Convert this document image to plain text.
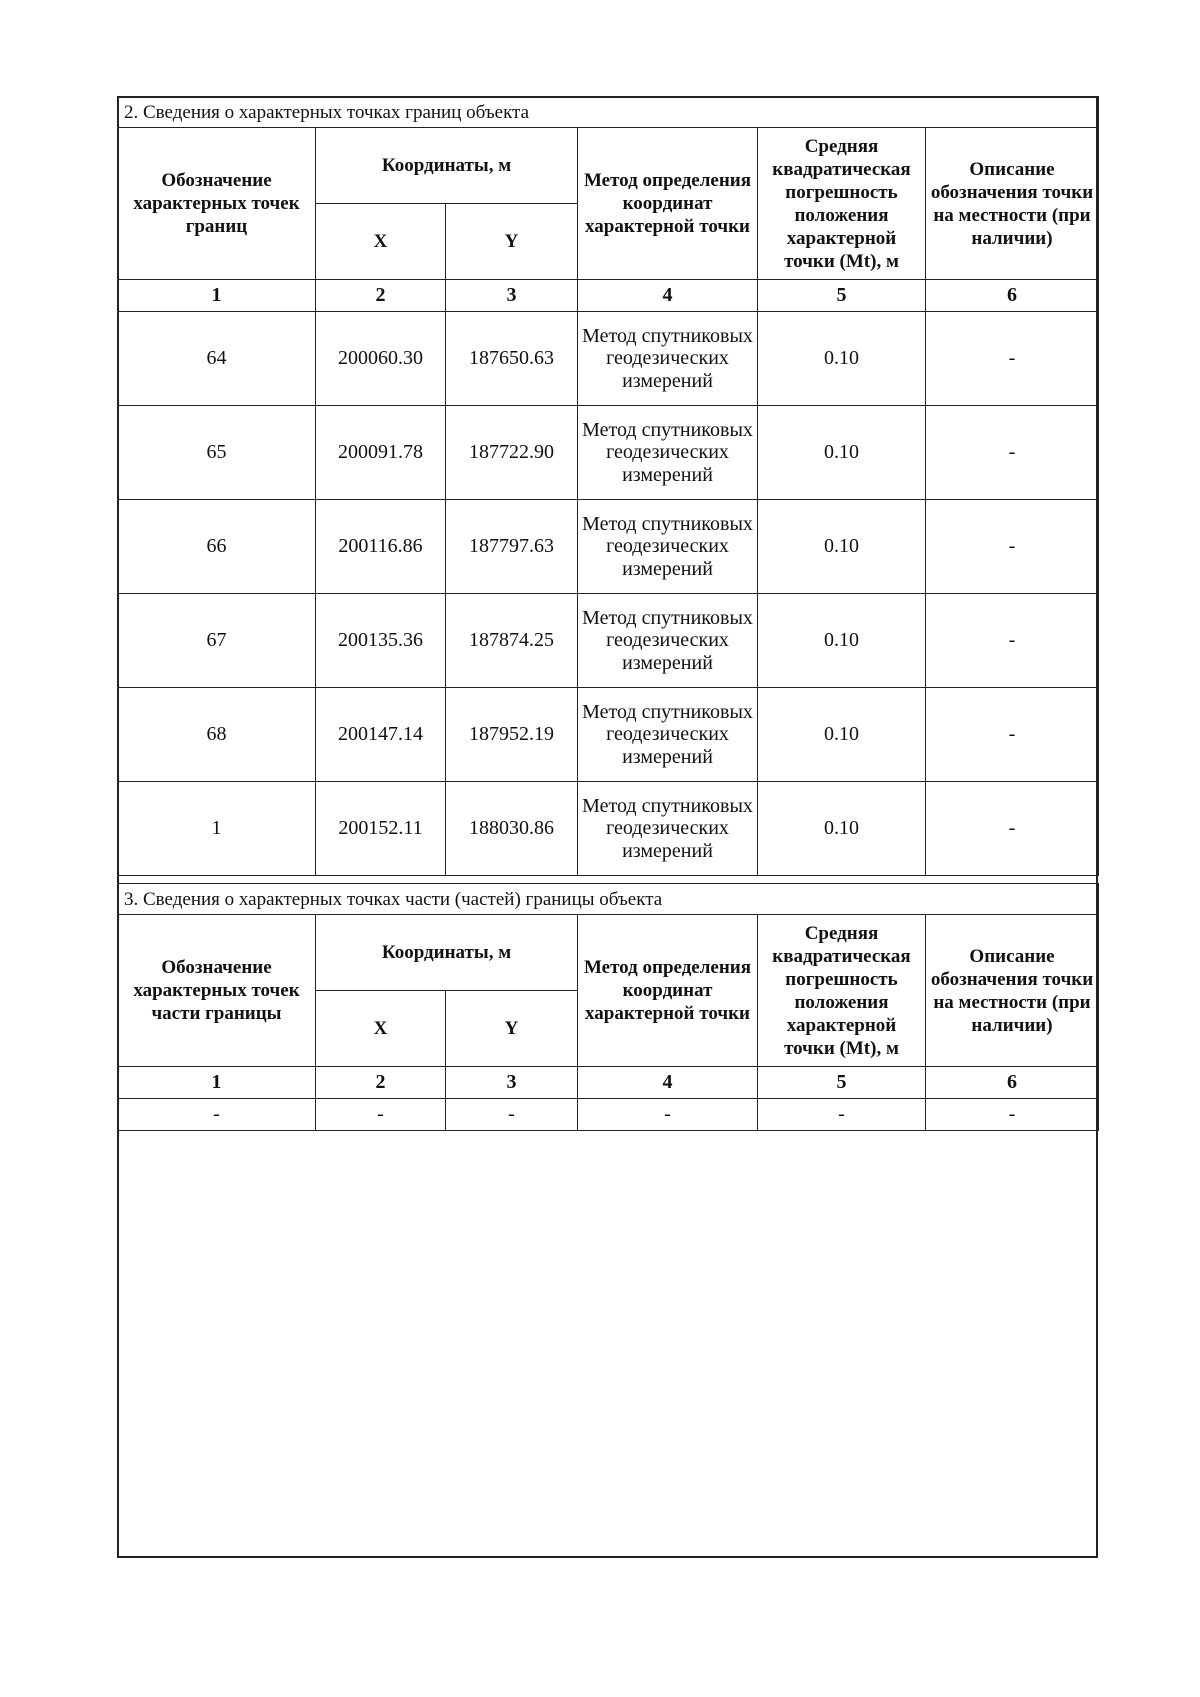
2. Сведения о характерных точках границ объекта					
Обозначение характерных точек границ	Координаты, м		Метод определения координат характерной точки	Средняя квадратическая погрешность положения характерной точки (Mt), м	Описание обозначения точки на местности (при наличии)
	X	Y			
1	2	3	4	5	6
64	200060.30	187650.63	Метод спутниковых геодезических измерений	0.10	-
65	200091.78	187722.90	Метод спутниковых геодезических измерений	0.10	-
66	200116.86	187797.63	Метод спутниковых геодезических измерений	0.10	-
67	200135.36	187874.25	Метод спутниковых геодезических измерений	0.10	-
68	200147.14	187952.19	Метод спутниковых геодезических измерений	0.10	-
1	200152.11	188030.86	Метод спутниковых геодезических измерений	0.10	-
3. Сведения о характерных точках части (частей) границы объекта					
Обозначение характерных точек части границы	Координаты, м		Метод определения координат характерной точки	Средняя квадратическая погрешность положения характерной точки (Mt), м	Описание обозначения точки на местности (при наличии)
	X	Y			
1	2	3	4	5	6
-	-	-	-	-	-
